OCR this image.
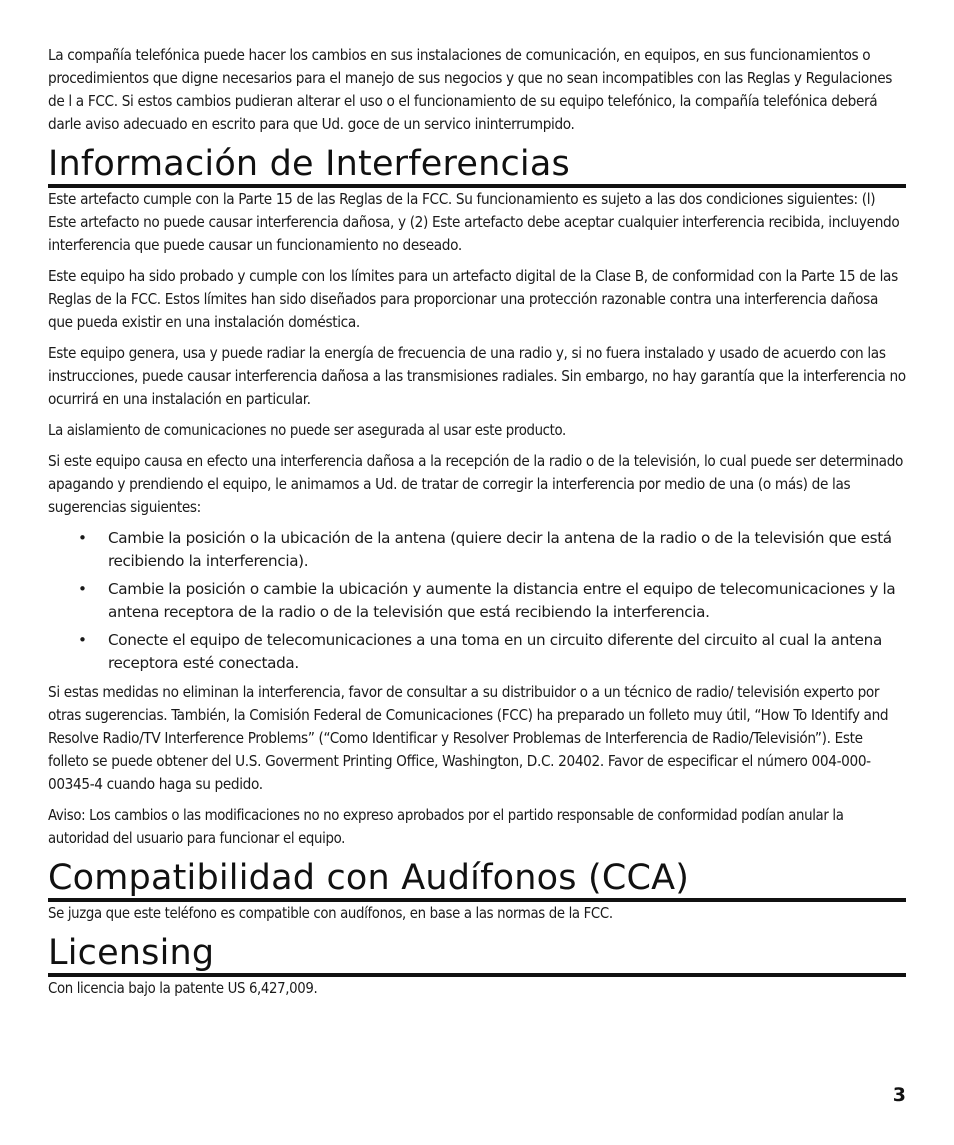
La compañía telefónica puede hacer los cambios en sus instalaciones de comunicación, en equipos, en sus funcionamientos o procedimientos que digne necesarios para el manejo de sus negocios y que no sean incompatibles con las Reglas y Regulaciones de l a FCC. Si estos cambios pudieran alterar el uso o el funcionamiento de su equipo telefónico, la compañía telefónica deberá darle aviso adecuado en escrito para que Ud. goce de un servico ininterrumpido.

Información de Interferencias

Este artefacto cumple con la Parte 15 de las Reglas de la FCC. Su funcionamiento es sujeto a las dos condiciones siguientes: (l) Este artefacto no puede causar interferencia dañosa, y (2) Este artefacto debe aceptar cualquier interferencia recibida, incluyendo interferencia que puede causar un funcionamiento no deseado.

Este equipo ha sido probado y cumple con los límites para un artefacto digital de la Clase B, de conformidad con la Parte 15 de las Reglas de la FCC. Estos límites han sido diseñados para proporcionar una protección razonable contra una interferencia dañosa que pueda existir en una instalación doméstica.

Este equipo genera, usa y puede radiar la energía de frecuencia de una radio y, si no fuera instalado y usado de acuerdo con las instrucciones, puede causar interferencia dañosa a las transmisiones radiales. Sin embargo, no hay garantía que la interferencia no ocurrirá en una instalación en particular.

La aislamiento de comunicaciones no puede ser asegurada al usar este producto.

Si este equipo causa en efecto una interferencia dañosa a la recepción de la radio o de la televisión, lo cual puede ser determinado apagando y prendiendo el equipo, le animamos a Ud. de tratar de corregir la interferencia por medio de una (o más) de las sugerencias siguientes:

• Cambie la posición o la ubicación de la antena (quiere decir la antena de la radio o de la televisión que está recibiendo la interferencia).
• Cambie la posición o cambie la ubicación y aumente la distancia entre el equipo de telecomunicaciones y la antena receptora de la radio o de la televisión que está recibiendo la interferencia.
• Conecte el equipo de telecomunicaciones a una toma en un circuito diferente del circuito al cual la antena receptora esté conectada.

Si estas medidas no eliminan la interferencia, favor de consultar a su distribuidor o a un técnico de radio/ televisión experto por otras sugerencias. También, la Comisión Federal de Comunicaciones (FCC) ha preparado un folleto muy útil, “How To Identify and Resolve Radio/TV Interference Problems” (“Como Identificar y Resolver Problemas de Interferencia de Radio/Televisión”). Este folleto se puede obtener del U.S. Goverment Printing Office, Washington, D.C. 20402. Favor de especificar el número 004-000-00345-4 cuando haga su pedido.

Aviso: Los cambios o las modificaciones no no expreso aprobados por el partido responsable de conformidad podían anular la autoridad del usuario para funcionar el equipo.

Compatibilidad con Audífonos (CCA)

Se juzga que este teléfono es compatible con audífonos, en base a las normas de la FCC.

Licensing

Con licencia bajo la patente US 6,427,009.

3
